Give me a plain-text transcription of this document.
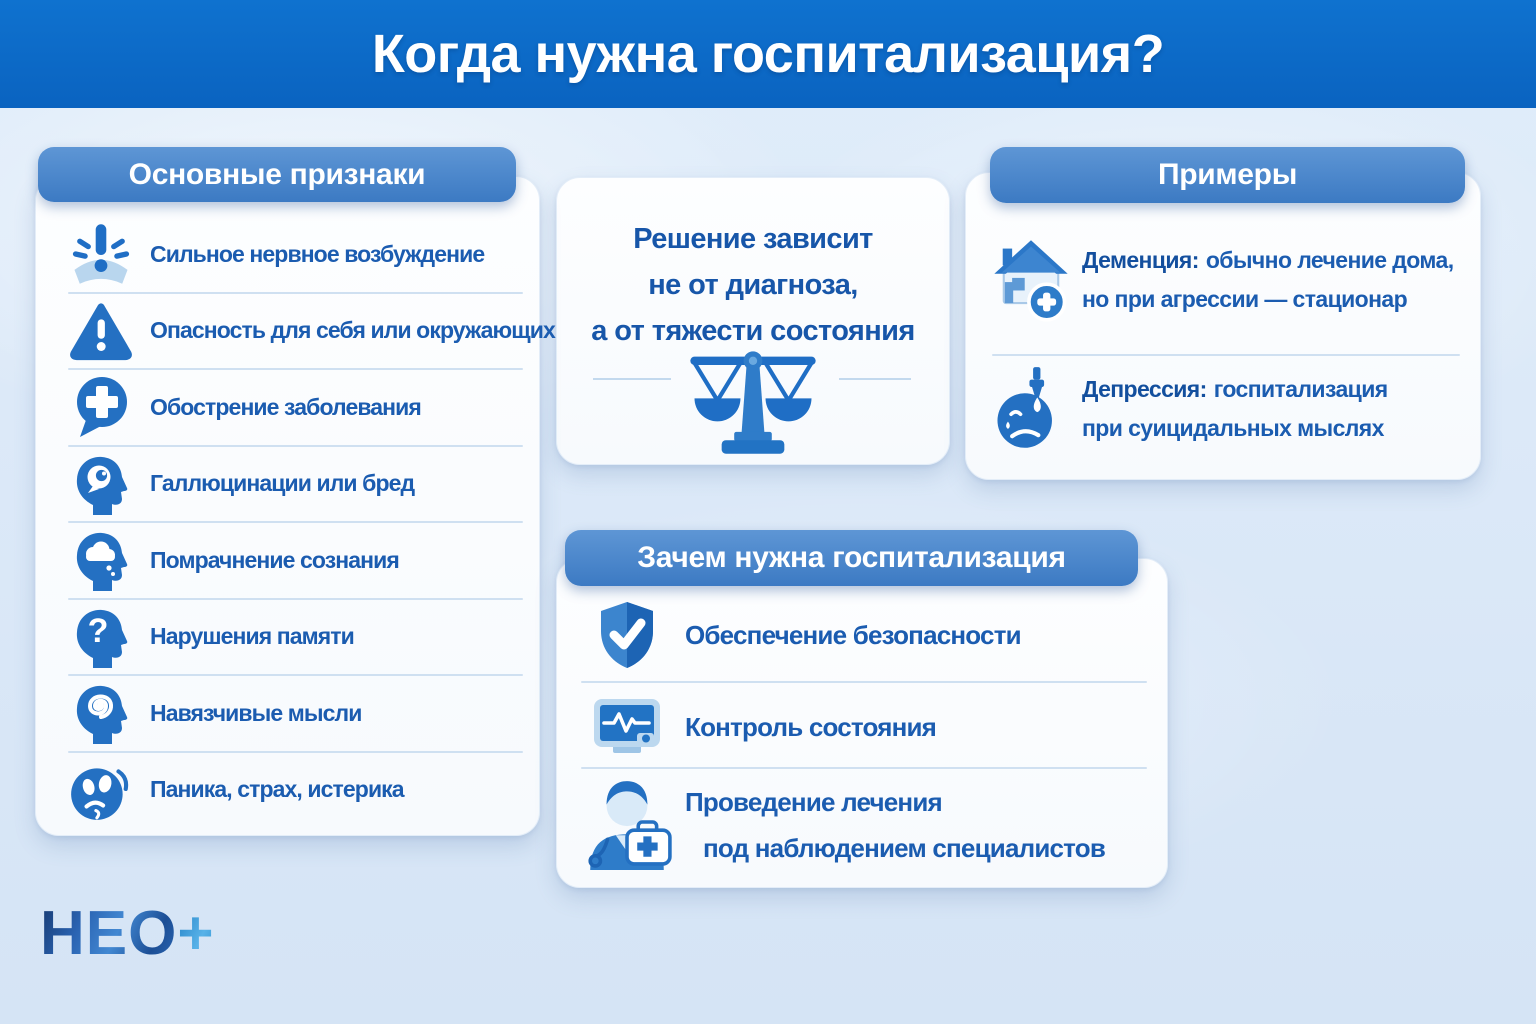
Когда нужна госпитализация?
Основные признаки
Сильное нервное возбуждение
Опасность для себя или окружающих
Обострение заболевания
Галлюцинации или бред
Помрачнение сознания
? Нарушения памяти
Навязчивые мысли
Паника, страх, истерика
Решение зависит
не от диагноза,
а от тяжести состояния
Примеры
Деменция: обычно лечение дома,
но при агрессии — стационар
Депрессия: госпитализация
при суицидальных мыслях
Зачем нужна госпитализация
Обеспечение безопасности
Контроль состояния
Проведение лечения
под наблюдением специалистов
НЕО+
